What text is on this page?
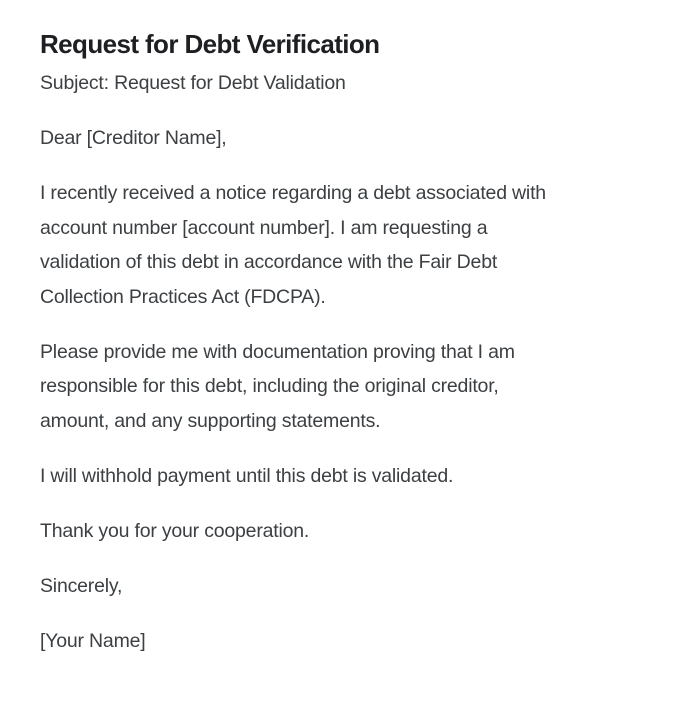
Request for Debt Verification

Subject: Request for Debt Validation

Dear [Creditor Name],

I recently received a notice regarding a debt associated with
account number [account number]. I am requesting a
validation of this debt in accordance with the Fair Debt
Collection Practices Act (FDCPA).

Please provide me with documentation proving that I am
responsible for this debt, including the original creditor,
amount, and any supporting statements.

I will withhold payment until this debt is validated.

Thank you for your cooperation.

Sincerely,

[Your Name]
